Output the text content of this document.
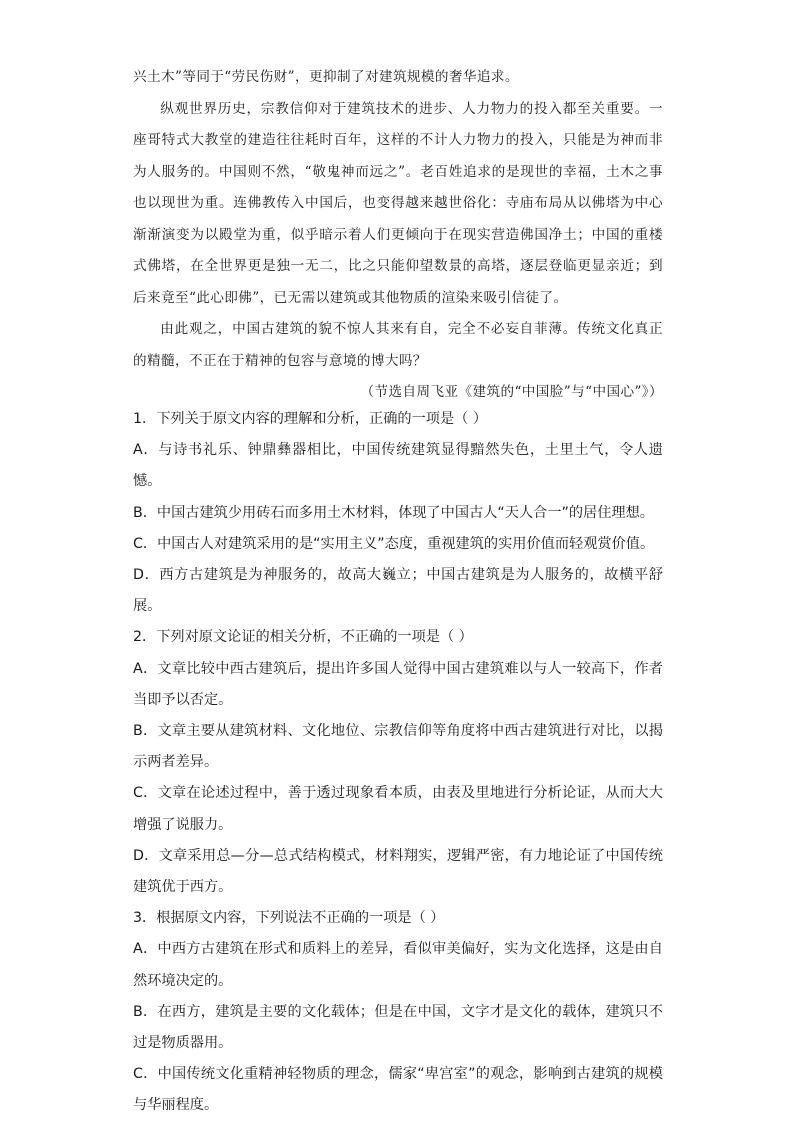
兴土木”等同于“劳民伤财”，更抑制了对建筑规模的奢华追求。

纵观世界历史，宗教信仰对于建筑技术的进步、人力物力的投入都至关重要。一座哥特式大教堂的建造往往耗时百年，这样的不计人力物力的投入，只能是为神而非为人服务的。中国则不然，“敬鬼神而远之”。老百姓追求的是现世的幸福，土木之事也以现世为重。连佛教传入中国后，也变得越来越世俗化：寺庙布局从以佛塔为中心渐渐演变为以殿堂为重，似乎暗示着人们更倾向于在现实营造佛国净土；中国的重楼式佛塔，在全世界更是独一无二，比之只能仰望数景的高塔，逐层登临更显亲近；到后来竟至“此心即佛”，已无需以建筑或其他物质的渲染来吸引信徒了。

由此观之，中国古建筑的貌不惊人其来有自，完全不必妄自菲薄。传统文化真正的精髓，不正在于精神的包容与意境的博大吗？

（节选自周飞亚《建筑的“中国脸”与“中国心”》）

1．下列关于原文内容的理解和分析，正确的一项是（ ）

A．与诗书礼乐、钟鼎彝器相比，中国传统建筑显得黯然失色，土里土气，令人遗憾。

B．中国古建筑少用砖石而多用土木材料，体现了中国古人“天人合一”的居住理想。

C．中国古人对建筑采用的是“实用主义”态度，重视建筑的实用价值而轻观赏价值。

D．西方古建筑是为神服务的，故高大巍立；中国古建筑是为人服务的，故横平舒展。

2．下列对原文论证的相关分析，不正确的一项是（ ）

A．文章比较中西古建筑后，提出许多国人觉得中国古建筑难以与人一较高下，作者当即予以否定。

B．文章主要从建筑材料、文化地位、宗教信仰等角度将中西古建筑进行对比，以揭示两者差异。

C．文章在论述过程中，善于透过现象看本质，由表及里地进行分析论证，从而大大增强了说服力。

D．文章采用总—分—总式结构模式，材料翔实，逻辑严密，有力地论证了中国传统建筑优于西方。

3．根据原文内容，下列说法不正确的一项是（ ）

A．中西方古建筑在形式和质料上的差异，看似审美偏好，实为文化选择，这是由自然环境决定的。

B．在西方，建筑是主要的文化载体；但是在中国，文字才是文化的载体，建筑只不过是物质器用。

C．中国传统文化重精神轻物质的理念，儒家“卑宫室”的观念，影响到古建筑的规模与华丽程度。
